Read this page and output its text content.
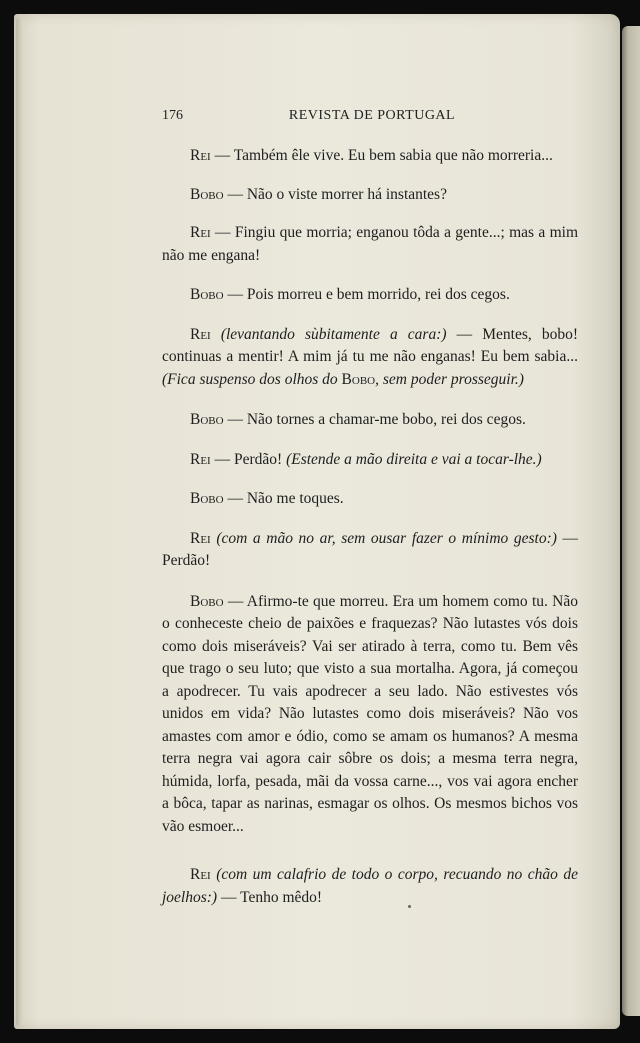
176	REVISTA DE PORTUGAL

Rei — Também êle vive. Eu bem sabia que não morreria...

Bobo — Não o viste morrer há instantes?

Rei — Fingiu que morria; enganou tôda a gente...; mas a mim não me engana!

Bobo — Pois morreu e bem morrido, rei dos cegos.

Rei (levantando sùbitamente a cara:) — Mentes, bobo! continuas a mentir! A mim já tu me não enganas! Eu bem sabia... (Fica suspenso dos olhos do Bobo, sem poder prosseguir.)

Bobo — Não tornes a chamar-me bobo, rei dos cegos.

Rei — Perdão! (Estende a mão direita e vai a tocar-lhe.)

Bobo — Não me toques.

Rei (com a mão no ar, sem ousar fazer o mínimo gesto:) — Perdão!

Bobo — Afirmo-te que morreu. Era um homem como tu. Não o conheceste cheio de paixões e fraquezas? Não lutastes vós dois como dois miseráveis? Vai ser atirado à terra, como tu. Bem vês que trago o seu luto; que visto a sua mortalha. Agora, já começou a apodrecer. Tu vais apodrecer a seu lado. Não estivestes vós unidos em vida? Não lutastes como dois miseráveis? Não vos amastes com amor e ódio, como se amam os humanos? A mesma terra negra vai agora cair sôbre os dois; a mesma terra negra, húmida, lorfa, pesada, mãi da vossa carne..., vos vai agora encher a bôca, tapar as narinas, esmagar os olhos. Os mesmos bichos vos vão esmoer...

Rei (com um calafrio de todo o corpo, recuando no chão de joelhos:) — Tenho mêdo!
